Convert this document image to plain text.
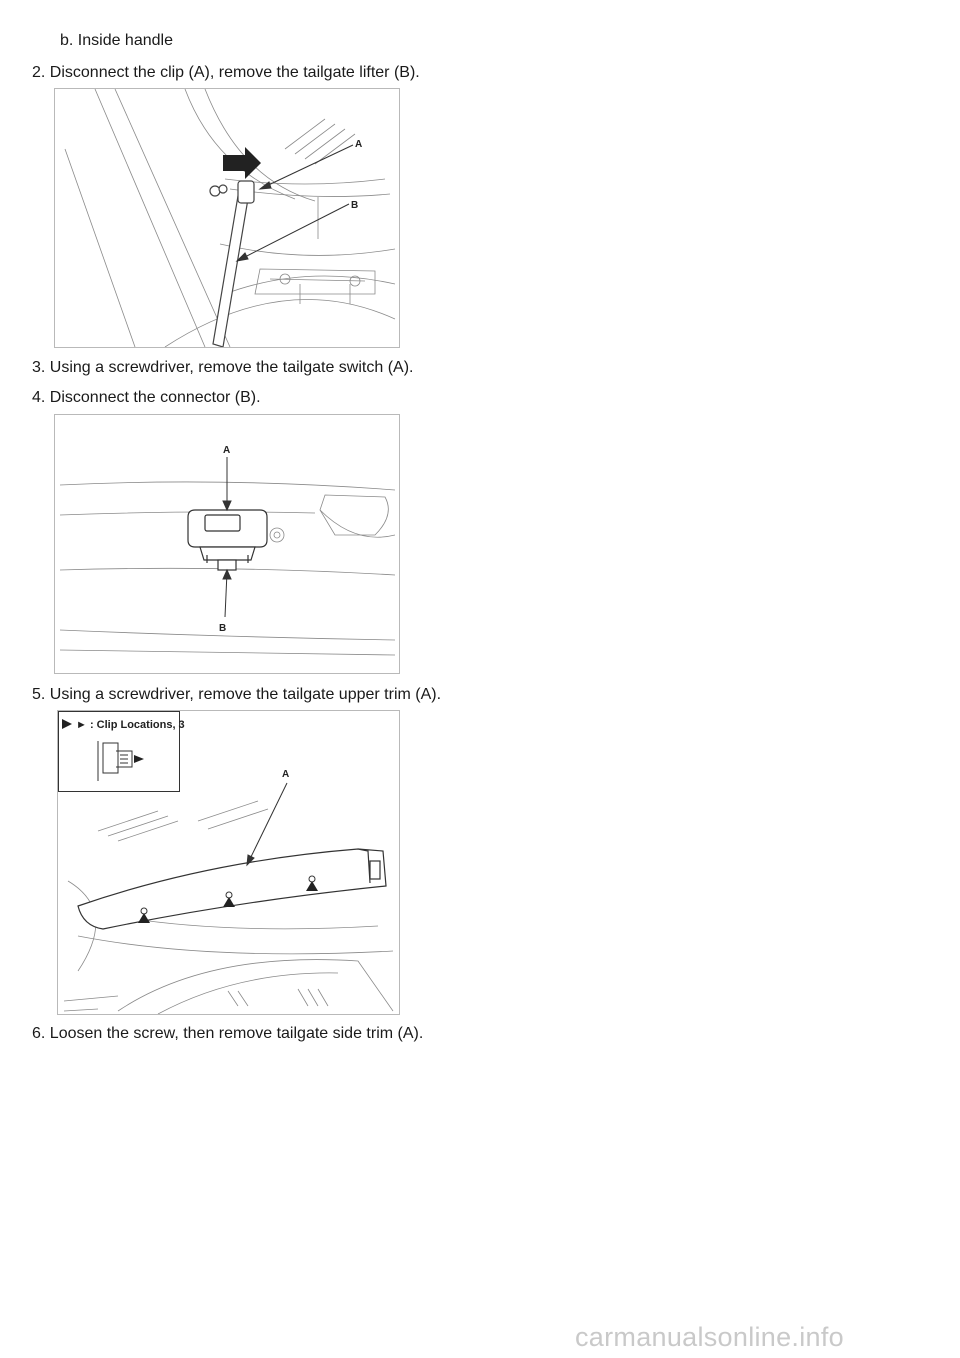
b. Inside handle
2. Disconnect the clip (A), remove the tailgate lifter (B).
A
B
3. Using a screwdriver, remove the tailgate switch (A).
4. Disconnect the connector (B).
A
B
5. Using a screwdriver, remove the tailgate upper trim (A).
► : Clip Locations, 3
A
6. Loosen the screw, then remove tailgate side trim (A).
carmanualsonline.info
